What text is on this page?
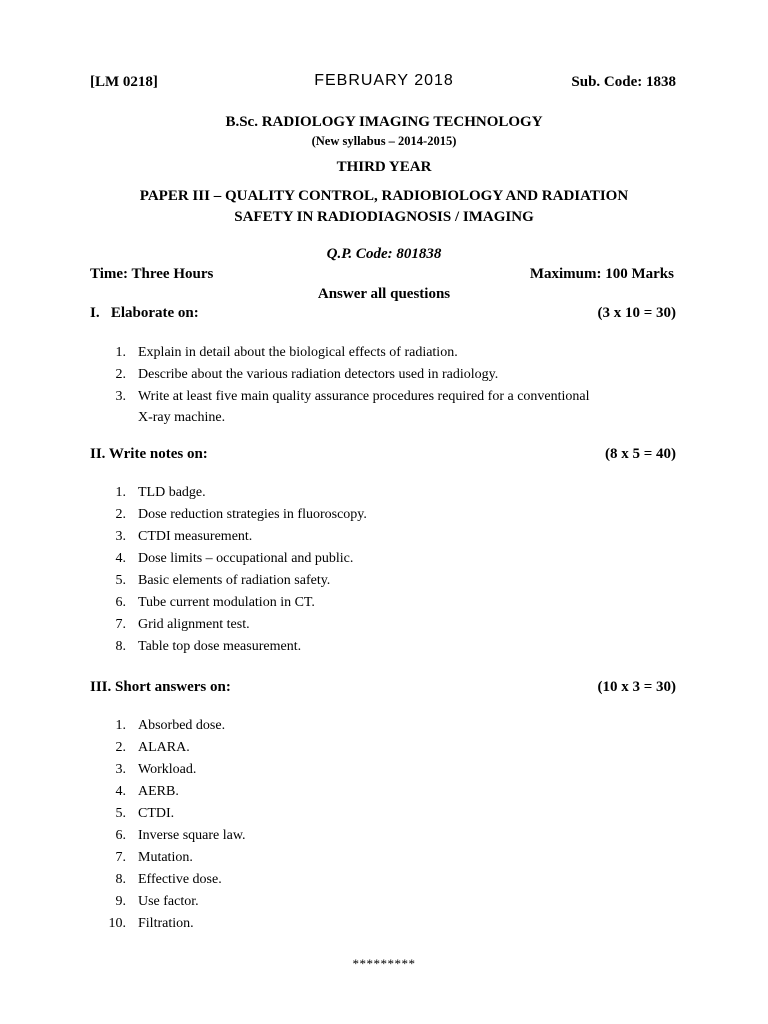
[LM 0218]	FEBRUARY 2018	Sub. Code: 1838
B.Sc. RADIOLOGY IMAGING TECHNOLOGY
(New syllabus – 2014-2015)
THIRD YEAR
PAPER III – QUALITY CONTROL, RADIOBIOLOGY AND RADIATION
SAFETY IN RADIODIAGNOSIS / IMAGING
Q.P. Code: 801838
Time: Three Hours	Maximum: 100 Marks
Answer all questions
I.   Elaborate on:	(3 x 10 = 30)
1. Explain in detail about the biological effects of radiation.
2. Describe about the various radiation detectors used in radiology.
3. Write at least five main quality assurance procedures required for a conventional X-ray machine.
II. Write notes on:	(8 x 5 = 40)
1. TLD badge.
2. Dose reduction strategies in fluoroscopy.
3. CTDI measurement.
4. Dose limits – occupational and public.
5. Basic elements of radiation safety.
6. Tube current modulation in CT.
7. Grid alignment test.
8. Table top dose measurement.
III. Short answers on:	(10 x 3 = 30)
1. Absorbed dose.
2. ALARA.
3. Workload.
4. AERB.
5. CTDI.
6. Inverse square law.
7. Mutation.
8. Effective dose.
9. Use factor.
10. Filtration.
*********
